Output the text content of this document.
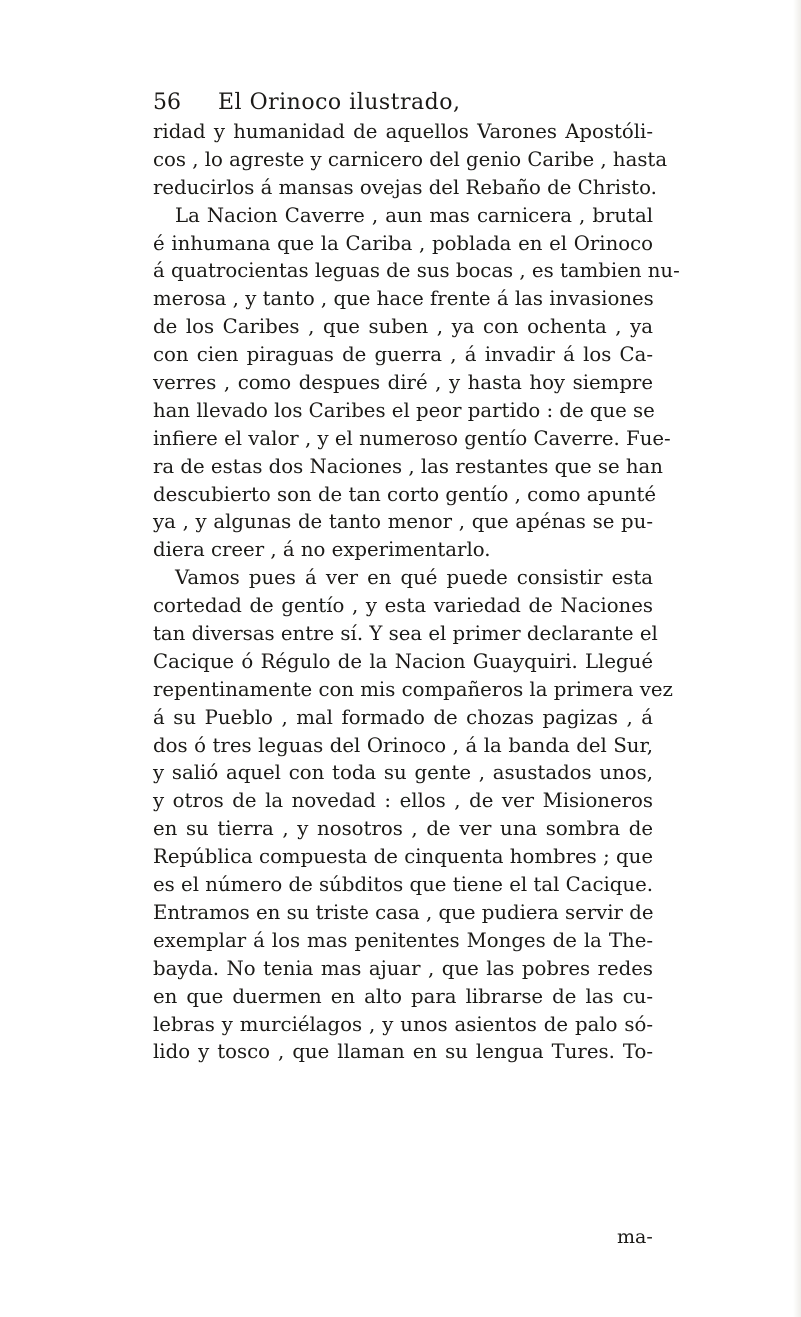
56 El Orinoco ilustrado,
ridad y humanidad de aquellos Varones Apostóli-
cos , lo agreste y carnicero del genio Caribe , hasta
reducirlos á mansas ovejas del Rebaño de Christo.
La Nacion Caverre , aun mas carnicera , brutal
é inhumana que la Cariba , poblada en el Orinoco
á quatrocientas leguas de sus bocas , es tambien nu-
merosa , y tanto , que hace frente á las invasiones
de los Caribes , que suben , ya con ochenta , ya
con cien piraguas de guerra , á invadir á los Ca-
verres , como despues diré , y hasta hoy siempre
han llevado los Caribes el peor partido : de que se
infiere el valor , y el numeroso gentío Caverre. Fue-
ra de estas dos Naciones , las restantes que se han
descubierto son de tan corto gentío , como apunté
ya , y algunas de tanto menor , que apénas se pu-
diera creer , á no experimentarlo.
Vamos pues á ver en qué puede consistir esta
cortedad de gentío , y esta variedad de Naciones
tan diversas entre sí. Y sea el primer declarante el
Cacique ó Régulo de la Nacion Guayquiri. Llegué
repentinamente con mis compañeros la primera vez
á su Pueblo , mal formado de chozas pagizas , á
dos ó tres leguas del Orinoco , á la banda del Sur,
y salió aquel con toda su gente , asustados unos,
y otros de la novedad : ellos , de ver Misioneros
en su tierra , y nosotros , de ver una sombra de
República compuesta de cinquenta hombres ; que
es el número de súbditos que tiene el tal Cacique.
Entramos en su triste casa , que pudiera servir de
exemplar á los mas penitentes Monges de la The-
bayda. No tenia mas ajuar , que las pobres redes
en que duermen en alto para librarse de las cu-
lebras y murciélagos , y unos asientos de palo só-
lido y tosco , que llaman en su lengua Tures. To-
ma-
